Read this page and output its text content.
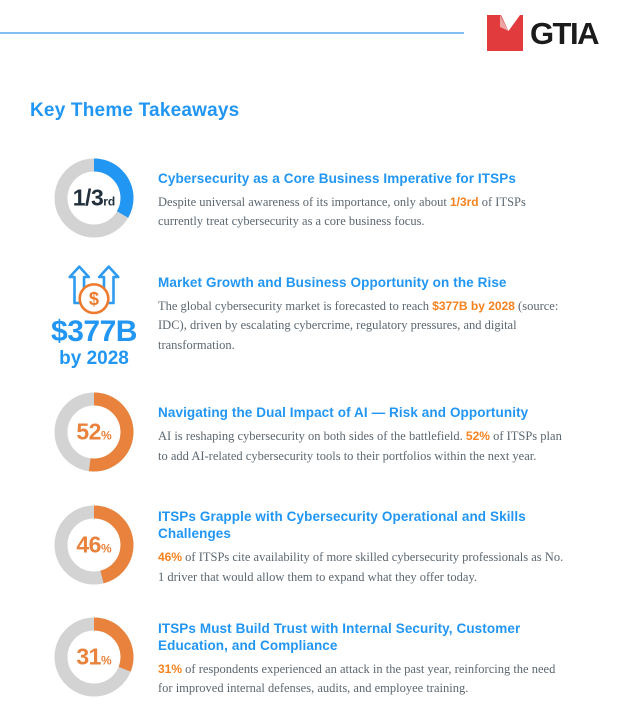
GTIA
Key Theme Takeaways
1/3 rd
Cybersecurity as a Core Business Imperative for ITSPs

Despite universal awareness of its importance, only about 1/3rd of ITSPs currently treat cybersecurity as a core business focus.

$
$377B
by 2028
Market Growth and Business Opportunity on the Rise

The global cybersecurity market is forecasted to reach $377B by 2028 (source: IDC), driven by escalating cybercrime, regulatory pressures, and digital transformation.

52 %
Navigating the Dual Impact of AI — Risk and Opportunity

AI is reshaping cybersecurity on both sides of the battlefield. 52% of ITSPs plan to add AI-related cybersecurity tools to their portfolios within the next year.

46 %
ITSPs Grapple with Cybersecurity Operational and Skills Challenges

46% of ITSPs cite availability of more skilled cybersecurity professionals as No. 1 driver that would allow them to expand what they offer today.

31 %
ITSPs Must Build Trust with Internal Security, Customer Education, and Compliance

31% of respondents experienced an attack in the past year, reinforcing the need for improved internal defenses, audits, and employee training.
